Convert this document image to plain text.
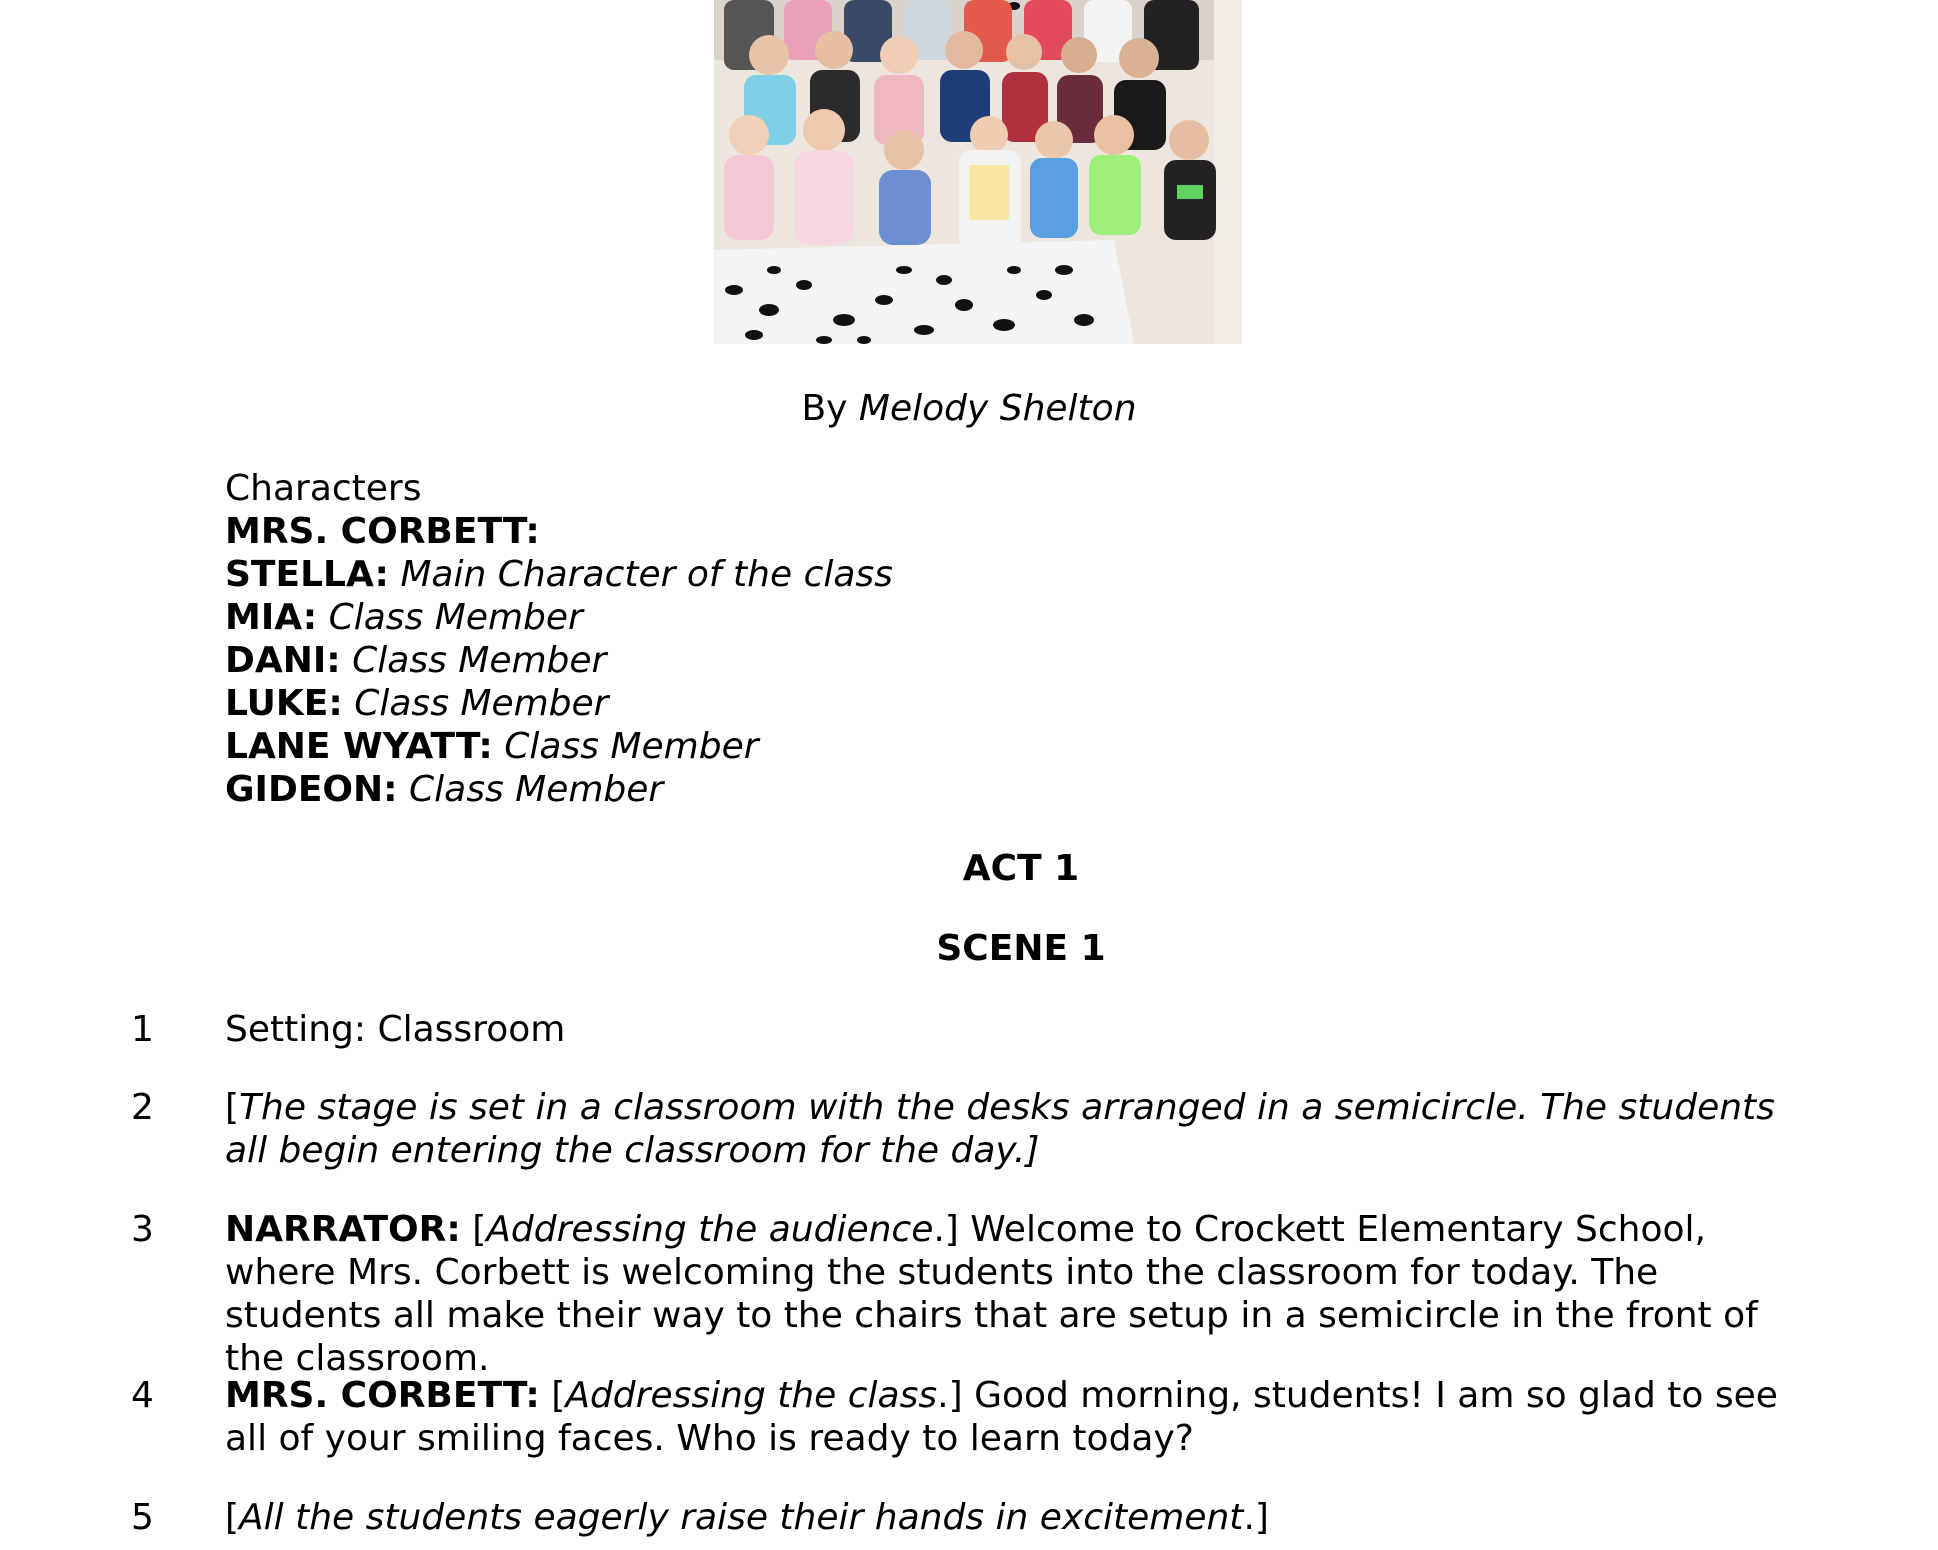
By Melody Shelton
Characters
MRS. CORBETT:
STELLA: Main Character of the class
MIA: Class Member
DANI: Class Member
LUKE: Class Member
LANE WYATT: Class Member
GIDEON: Class Member
ACT 1
SCENE 1
1	Setting: Classroom
2	[The stage is set in a classroom with the desks arranged in a semicircle. The students all begin entering the classroom for the day.]
3	NARRATOR: [Addressing the audience.] Welcome to Crockett Elementary School, where Mrs. Corbett is welcoming the students into the classroom for today. The students all make their way to the chairs that are setup in a semicircle in the front of the classroom.
4	MRS. CORBETT: [Addressing the class.] Good morning, students! I am so glad to see all of your smiling faces. Who is ready to learn today?
5	[All the students eagerly raise their hands in excitement.]
